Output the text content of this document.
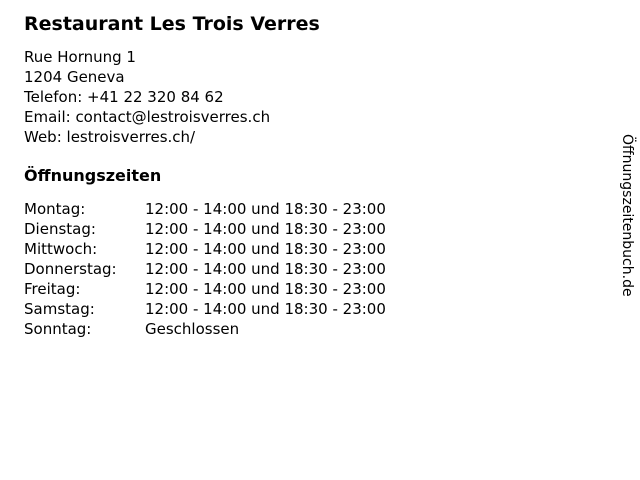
Restaurant Les Trois Verres
Rue Hornung 1
1204 Geneva
Telefon: +41 22 320 84 62
Email: contact@lestroisverres.ch
Web: lestroisverres.ch/
Öffnungszeiten
Montag:	12:00 - 14:00 und 18:30 - 23:00
Dienstag:	12:00 - 14:00 und 18:30 - 23:00
Mittwoch:	12:00 - 14:00 und 18:30 - 23:00
Donnerstag:	12:00 - 14:00 und 18:30 - 23:00
Freitag:	12:00 - 14:00 und 18:30 - 23:00
Samstag:	12:00 - 14:00 und 18:30 - 23:00
Sonntag:	Geschlossen
Öffnungszeitenbuch.de
